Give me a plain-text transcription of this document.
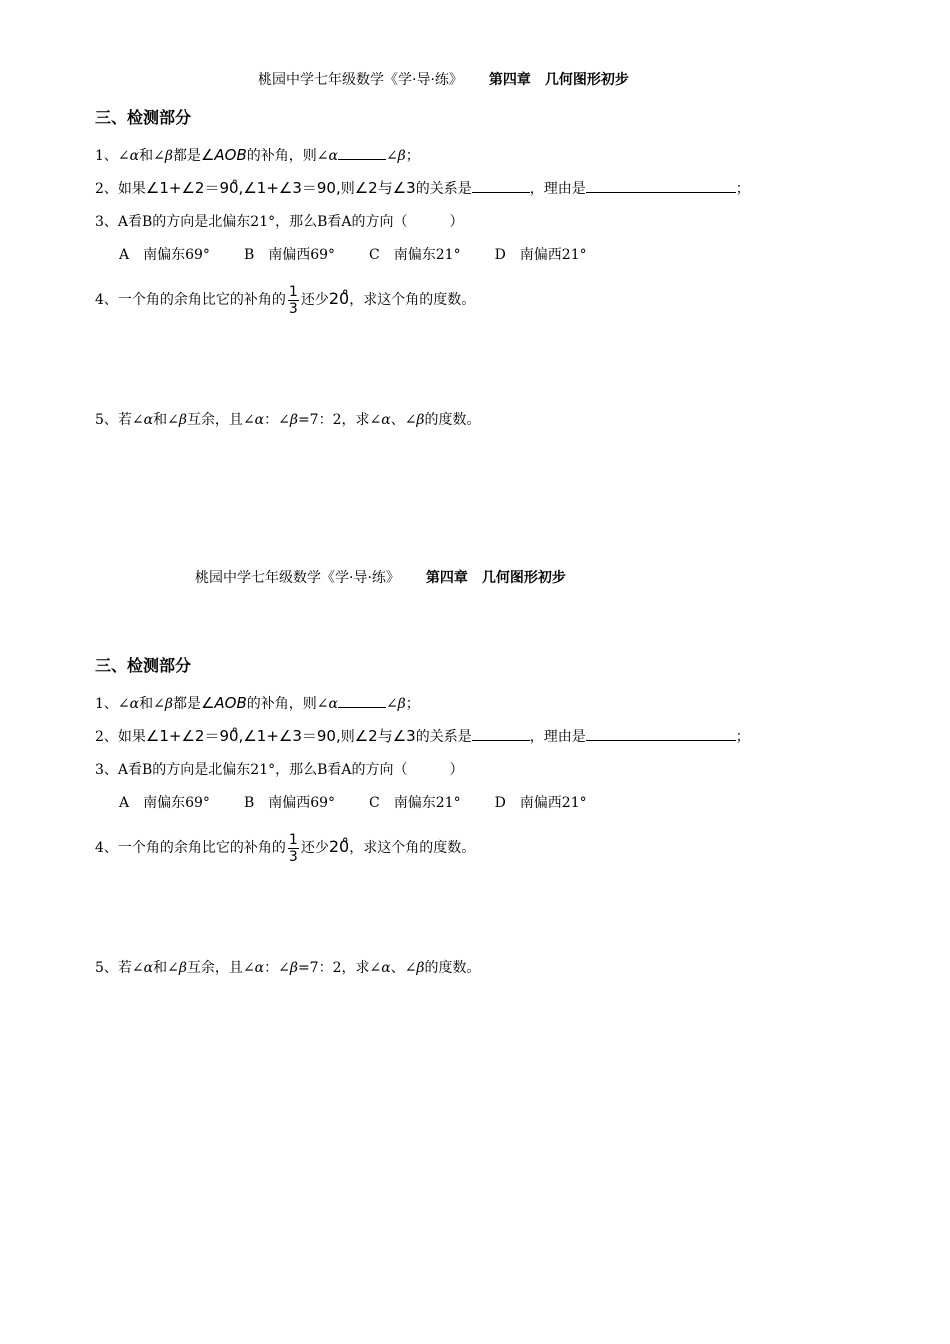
桃园中学七年级数学《学·导·练》 第四章　几何图形初步
三、检测部分
1、∠α和∠β都是∠AOB的补角，则∠α	∠β；
2、如果∠1+∠2＝90̊,∠1+∠3＝90,则∠2与∠3的关系是	，理由是	；
3、A看B的方向是北偏东21°，那么B看A的方向（　　　）
A　南偏东69° B　南偏西69° C　南偏东21° D　南偏西21°
4、一个角的余角比它的补角的 $\frac{1}{3}$ 还少20̊，求这个角的度数。
5、若∠α和∠β互余，且∠α：∠β=7：2，求∠α、∠β的度数。
桃园中学七年级数学《学·导·练》 第四章　几何图形初步
三、检测部分
1、∠α和∠β都是∠AOB的补角，则∠α	∠β；
2、如果∠1+∠2＝90̊,∠1+∠3＝90,则∠2与∠3的关系是	，理由是	；
3、A看B的方向是北偏东21°，那么B看A的方向（　　　）
A　南偏东69° B　南偏西69° C　南偏东21° D　南偏西21°
4、一个角的余角比它的补角的 $\frac{1}{3}$ 还少20̊，求这个角的度数。
5、若∠α和∠β互余，且∠α：∠β=7：2，求∠α、∠β的度数。
